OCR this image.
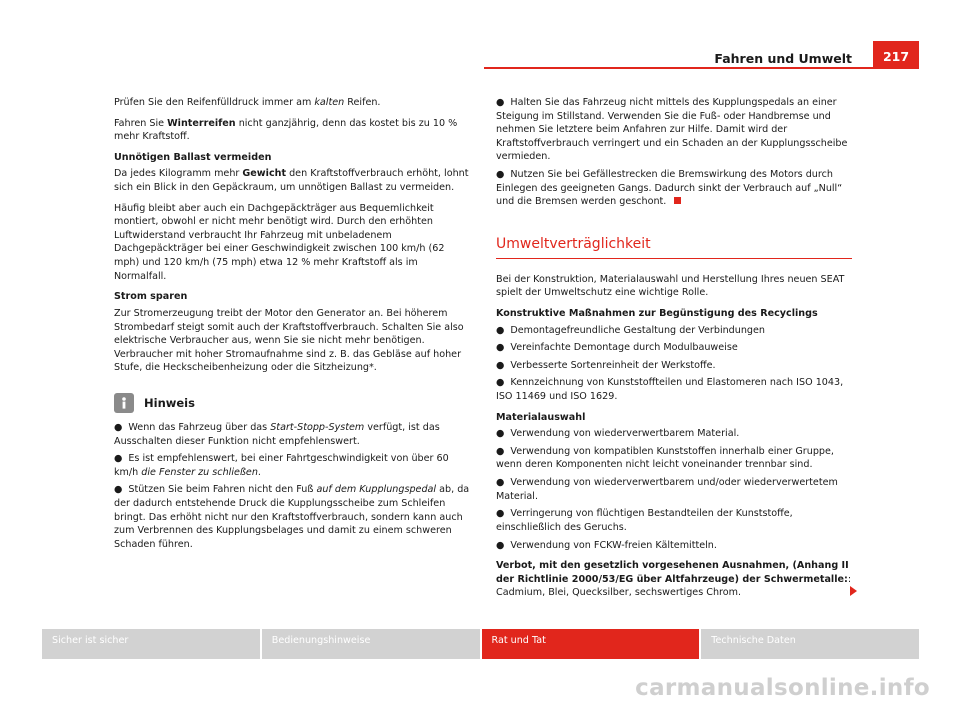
Fahren und Umwelt	217

Prüfen Sie den Reifenfülldruck immer am kalten Reifen.

Fahren Sie Winterreifen nicht ganzjährig, denn das kostet bis zu 10 % mehr Kraftstoff.

Unnötigen Ballast vermeiden

Da jedes Kilogramm mehr Gewicht den Kraftstoffverbrauch erhöht, lohnt sich ein Blick in den Gepäckraum, um unnötigen Ballast zu vermeiden.

Häufig bleibt aber auch ein Dachgepäckträger aus Bequemlichkeit montiert, obwohl er nicht mehr benötigt wird. Durch den erhöhten Luftwiderstand verbraucht Ihr Fahrzeug mit unbeladenem Dachgepäckträger bei einer Geschwindigkeit zwischen 100 km/h (62 mph) und 120 km/h (75 mph) etwa 12 % mehr Kraftstoff als im Normalfall.

Strom sparen

Zur Stromerzeugung treibt der Motor den Generator an. Bei höherem Strombedarf steigt somit auch der Kraftstoffverbrauch. Schalten Sie also elektrische Verbraucher aus, wenn Sie sie nicht mehr benötigen. Verbraucher mit hoher Stromaufnahme sind z. B. das Gebläse auf hoher Stufe, die Heckscheibenheizung oder die Sitzheizung*.

Hinweis

● Wenn das Fahrzeug über das Start-Stopp-System verfügt, ist das Ausschalten dieser Funktion nicht empfehlenswert.

● Es ist empfehlenswert, bei einer Fahrtgeschwindigkeit von über 60 km/h die Fenster zu schließen.

● Stützen Sie beim Fahren nicht den Fuß auf dem Kupplungspedal ab, da der dadurch entstehende Druck die Kupplungsscheibe zum Schleifen bringt. Das erhöht nicht nur den Kraftstoffverbrauch, sondern kann auch zum Verbrennen des Kupplungsbelages und damit zu einem schweren Schaden führen.

● Halten Sie das Fahrzeug nicht mittels des Kupplungspedals an einer Steigung im Stillstand. Verwenden Sie die Fuß- oder Handbremse und nehmen Sie letztere beim Anfahren zur Hilfe. Damit wird der Kraftstoffverbrauch verringert und ein Schaden an der Kupplungsscheibe vermieden.

● Nutzen Sie bei Gefällestrecken die Bremswirkung des Motors durch Einlegen des geeigneten Gangs. Dadurch sinkt der Verbrauch auf „Null“ und die Bremsen werden geschont.

Umweltverträglichkeit

Bei der Konstruktion, Materialauswahl und Herstellung Ihres neuen SEAT spielt der Umweltschutz eine wichtige Rolle.

Konstruktive Maßnahmen zur Begünstigung des Recyclings

● Demontagefreundliche Gestaltung der Verbindungen

● Vereinfachte Demontage durch Modulbauweise

● Verbesserte Sortenreinheit der Werkstoffe.

● Kennzeichnung von Kunststoffteilen und Elastomeren nach ISO 1043, ISO 11469 und ISO 1629.

Materialauswahl

● Verwendung von wiederverwertbarem Material.

● Verwendung von kompatiblen Kunststoffen innerhalb einer Gruppe, wenn deren Komponenten nicht leicht voneinander trennbar sind.

● Verwendung von wiederverwertbarem und/oder wiederverwertetem Material.

● Verringerung von flüchtigen Bestandteilen der Kunststoffe, einschließlich des Geruchs.

● Verwendung von FCKW-freien Kältemitteln.

Verbot, mit den gesetzlich vorgesehenen Ausnahmen, (Anhang II der Richtlinie 2000/53/EG über Altfahrzeuge) der Schwermetalle:: Cadmium, Blei, Quecksilber, sechswertiges Chrom.

Sicher ist sicher	Bedienungshinweise	Rat und Tat	Technische Daten
carmanualsonline.info
